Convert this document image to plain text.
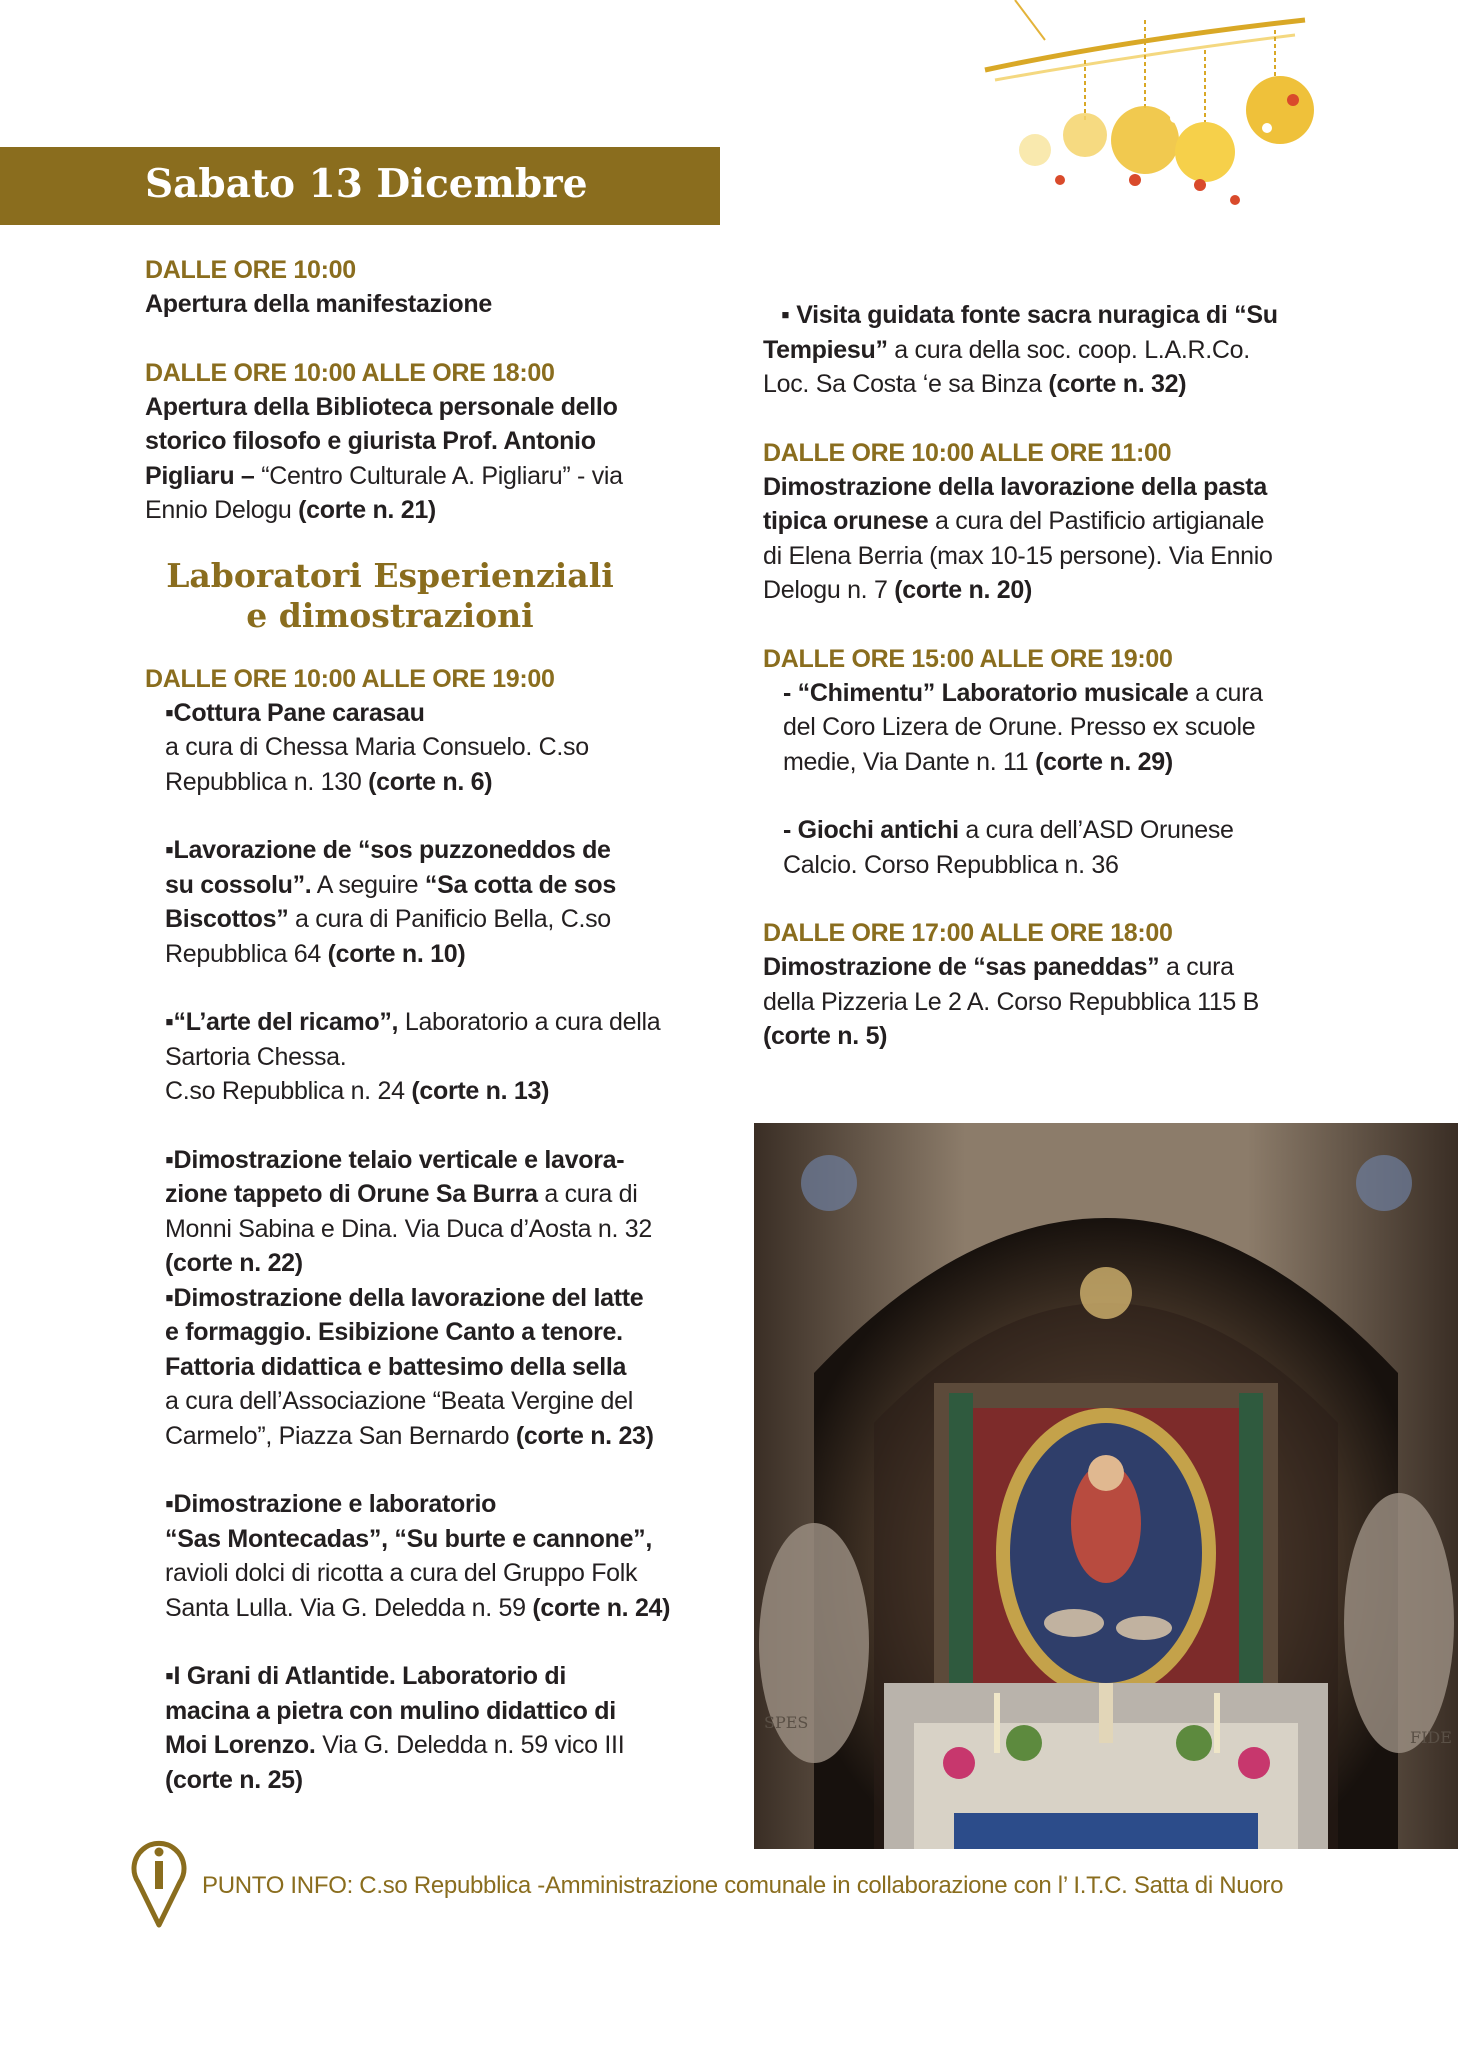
Sabato 13 Dicembre

DALLE ORE 10:00

Apertura della manifestazione

DALLE ORE 10:00 ALLE ORE 18:00

Apertura della Biblioteca personale dello

storico filosofo e giurista Prof. Antonio

Pigliaru – “Centro Culturale A. Pigliaru” - via

Ennio Delogu (corte n. 21)

Laboratori Esperienziali

e dimostrazioni

DALLE ORE 10:00 ALLE ORE 19:00

▪Cottura Pane carasau

a cura di Chessa Maria Consuelo. C.so

Repubblica n. 130 (corte n. 6)

▪Lavorazione de “sos puzzoneddos de

su cossolu”. A seguire “Sa cotta de sos

Biscottos” a cura di Panificio Bella, C.so

Repubblica 64 (corte n. 10)

▪“L’arte del ricamo”, Laboratorio a cura della

Sartoria Chessa.

C.so Repubblica n. 24 (corte n. 13)

▪Dimostrazione telaio verticale e lavora-

zione tappeto di Orune Sa Burra a cura di

Monni Sabina e Dina. Via Duca d’Aosta n. 32

(corte n. 22)

▪Dimostrazione della lavorazione del latte

e formaggio. Esibizione Canto a tenore.

Fattoria didattica e battesimo della sella

a cura dell’Associazione “Beata Vergine del

Carmelo”, Piazza San Bernardo (corte n. 23)

▪Dimostrazione e laboratorio

“Sas Montecadas”, “Su burte e cannone”,

ravioli dolci di ricotta a cura del Gruppo Folk

Santa Lulla. Via G. Deledda n. 59 (corte n. 24)

▪I Grani di Atlantide. Laboratorio di

macina a pietra con mulino didattico di

Moi Lorenzo. Via G. Deledda n. 59 vico III

(corte n. 25)

▪ Visita guidata fonte sacra nuragica di “Su

Tempiesu” a cura della soc. coop. L.A.R.Co.

Loc. Sa Costa ‘e sa Binza (corte n. 32)

DALLE ORE 10:00 ALLE ORE 11:00

Dimostrazione della lavorazione della pasta

tipica orunese a cura del Pastificio artigianale

di Elena Berria (max 10-15 persone). Via Ennio

Delogu n. 7 (corte n. 20)

DALLE ORE 15:00 ALLE ORE 19:00

- “Chimentu” Laboratorio musicale a cura

del Coro Lizera de Orune. Presso ex scuole

medie, Via Dante n. 11 (corte n. 29)

- Giochi antichi a cura dell’ASD Orunese

Calcio. Corso Repubblica n. 36

DALLE ORE 17:00 ALLE ORE 18:00

Dimostrazione de “sas paneddas” a cura

della Pizzeria Le 2 A. Corso Repubblica 115 B

(corte n. 5)

SPES
FIDE
PUNTO INFO: C.so Repubblica -Amministrazione comunale in collaborazione con l’ I.T.C. Satta di Nuoro
